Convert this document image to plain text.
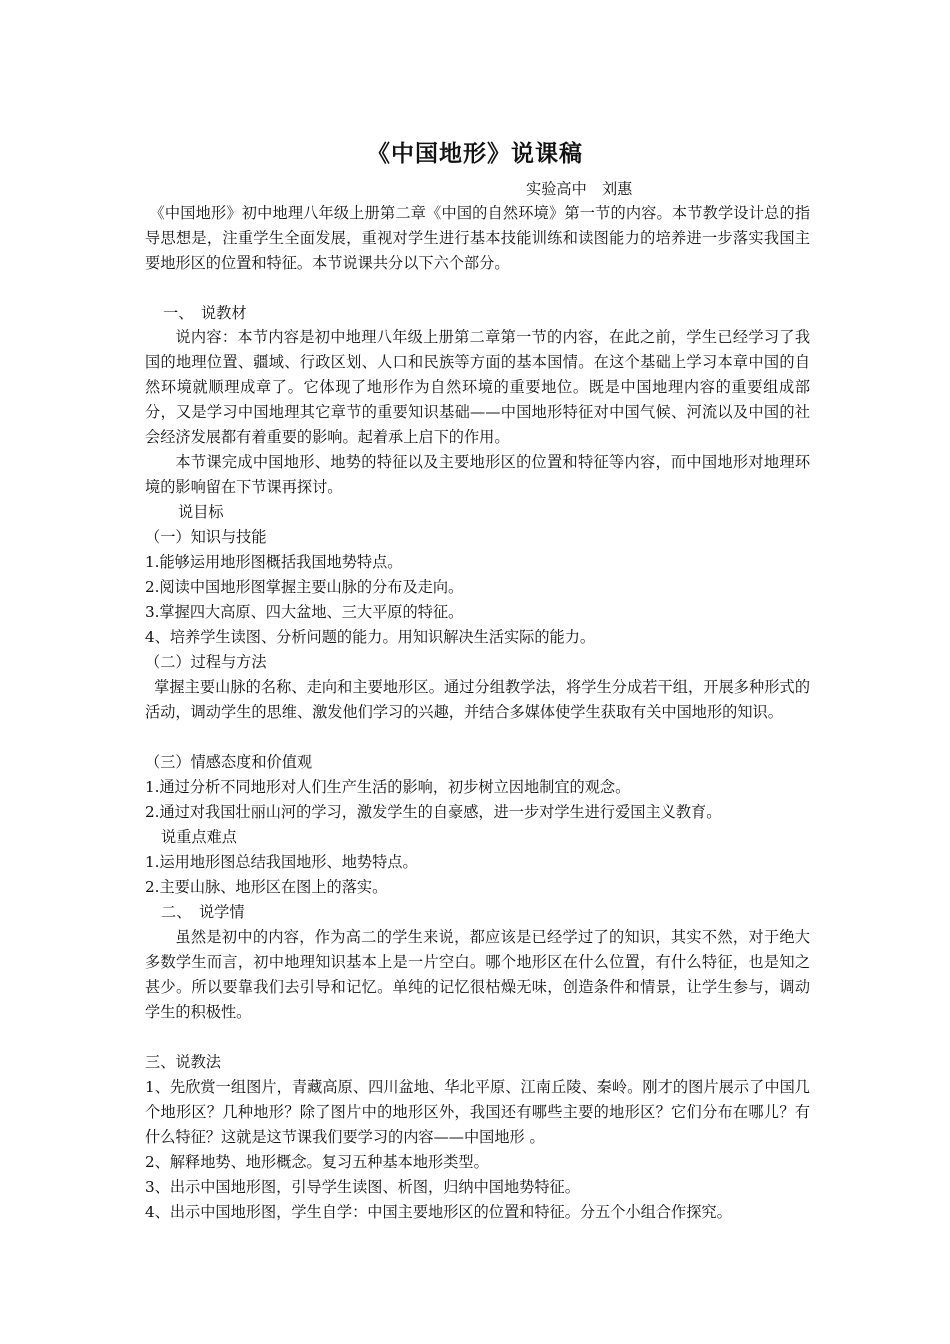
《中国地形》说课稿
实验高中　刘惠
《中国地形》初中地理八年级上册第二章《中国的自然环境》第一节的内容。本节教学设计总的指导思想是，注重学生全面发展，重视对学生进行基本技能训练和读图能力的培养进一步落实我国主要地形区的位置和特征。本节说课共分以下六个部分。
一、　说教材
说内容：本节内容是初中地理八年级上册第二章第一节的内容，在此之前，学生已经学习了我国的地理位置、疆域、行政区划、人口和民族等方面的基本国情。在这个基础上学习本章中国的自然环境就顺理成章了。它体现了地形作为自然环境的重要地位。既是中国地理内容的重要组成部分，又是学习中国地理其它章节的重要知识基础——中国地形特征对中国气候、河流以及中国的社会经济发展都有着重要的影响。起着承上启下的作用。
本节课完成中国地形、地势的特征以及主要地形区的位置和特征等内容，而中国地形对地理环境的影响留在下节课再探讨。
说目标
（一）知识与技能
1.能够运用地形图概括我国地势特点。
2.阅读中国地形图掌握主要山脉的分布及走向。
3.掌握四大高原、四大盆地、三大平原的特征。
4、培养学生读图、分析问题的能力。用知识解决生活实际的能力。
（二）过程与方法
掌握主要山脉的名称、走向和主要地形区。通过分组教学法，将学生分成若干组，开展多种形式的活动，调动学生的思维、激发他们学习的兴趣，并结合多媒体使学生获取有关中国地形的知识。
（三）情感态度和价值观
1.通过分析不同地形对人们生产生活的影响，初步树立因地制宜的观念。
2.通过对我国壮丽山河的学习，激发学生的自豪感，进一步对学生进行爱国主义教育。
说重点难点
1.运用地形图总结我国地形、地势特点。
2.主要山脉、地形区在图上的落实。
二、　说学情
虽然是初中的内容，作为高二的学生来说，都应该是已经学过了的知识，其实不然，对于绝大多数学生而言，初中地理知识基本上是一片空白。哪个地形区在什么位置，有什么特征，也是知之甚少。所以要靠我们去引导和记忆。单纯的记忆很枯燥无味，创造条件和情景，让学生参与，调动学生的积极性。
三、说教法
1、先欣赏一组图片，青藏高原、四川盆地、华北平原、江南丘陵、秦岭。刚才的图片展示了中国几个地形区？几种地形？除了图片中的地形区外，我国还有哪些主要的地形区？它们分布在哪儿？有什么特征？这就是这节课我们要学习的内容——中国地形 。
2、解释地势、地形概念。复习五种基本地形类型。
3、出示中国地形图，引导学生读图、析图，归纳中国地势特征。
4、出示中国地形图，学生自学：中国主要地形区的位置和特征。分五个小组合作探究。
